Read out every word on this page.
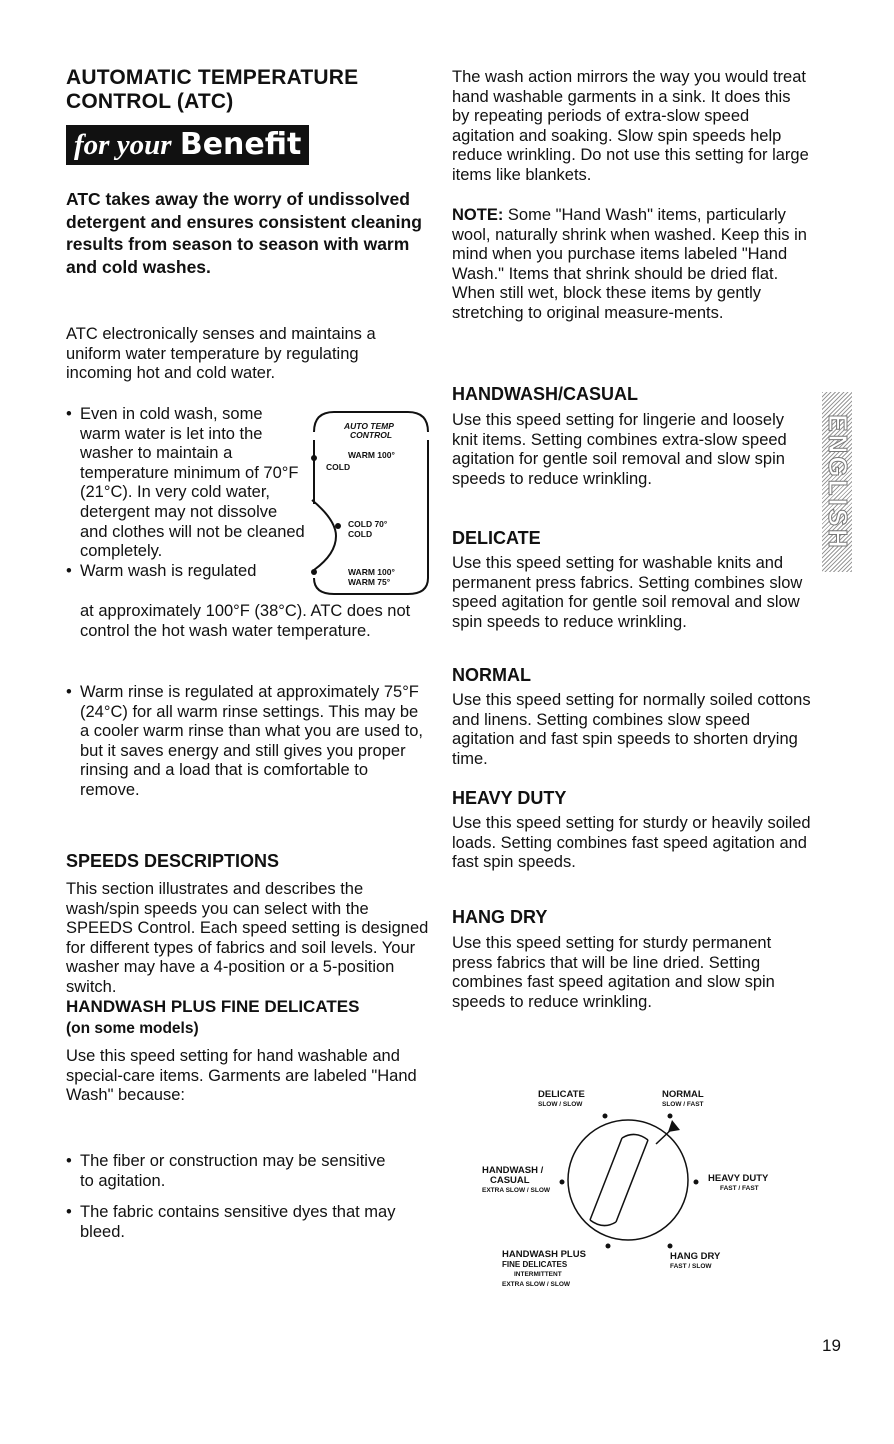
AUTOMATIC TEMPERATURE
CONTROL (ATC)
for your Benefit
ATC takes away the worry of undissolved detergent and ensures consistent cleaning results from season to season with warm and cold washes.
ATC electronically senses and maintains a uniform water temperature by regulating incoming hot and cold water.
• Even in cold wash, some warm water is let into the washer to maintain a temperature minimum of 70°F (21°C). In very cold water, detergent may not dissolve and clothes will not be cleaned completely.
• Warm wash is regulated
at approximately 100°F (38°C). ATC does not control the hot wash water temperature.
• Warm rinse is regulated at approximately 75°F (24°C) for all warm rinse settings. This may be a cooler warm rinse than what you are used to, but it saves energy and still gives you proper rinsing and a load that is comfortable to remove.
AUTO TEMP
CONTROL
WARM 100°
COLD
COLD 70°
COLD
WARM 100°
WARM 75°
SPEEDS DESCRIPTIONS
This section illustrates and describes the wash/spin speeds you can select with the SPEEDS Control. Each speed setting is designed for different types of fabrics and soil levels. Your washer may have a 4-position or a 5-position switch.
HANDWASH PLUS FINE DELICATES
(on some models)
Use this speed setting for hand washable and special-care items. Garments are labeled "Hand Wash" because:
• The fiber or construction may be sensitive to agitation.
• The fabric contains sensitive dyes that may bleed.
The wash action mirrors the way you would treat hand washable garments in a sink. It does this by repeating periods of extra-slow speed agitation and soaking. Slow spin speeds help reduce wrinkling. Do not use this setting for large items like blankets.
NOTE: Some "Hand Wash" items, particularly wool, naturally shrink when washed. Keep this in mind when you purchase items labeled "Hand Wash." Items that shrink should be dried flat. When still wet, block these items by gently stretching to original measure-ments.
HANDWASH/CASUAL
Use this speed setting for lingerie and loosely knit items. Setting combines extra-slow speed agitation for gentle soil removal and slow spin speeds to reduce wrinkling.
DELICATE
Use this speed setting for washable knits and permanent press fabrics. Setting combines slow speed agitation for gentle soil removal and slow spin speeds to reduce wrinkling.
NORMAL
Use this speed setting for normally soiled cottons and linens. Setting combines slow speed agitation and fast spin speeds to shorten drying time.
HEAVY DUTY
Use this speed setting for sturdy or heavily soiled loads. Setting combines fast speed agitation and fast spin speeds.
HANG DRY
Use this speed setting for sturdy permanent press fabrics that will be line dried. Setting combines fast speed agitation and slow spin speeds to reduce wrinkling.
DELICATE
SLOW / SLOW
NORMAL
SLOW / FAST
HANDWASH /
CASUAL
EXTRA SLOW / SLOW
HEAVY DUTY
FAST / FAST
HANDWASH PLUS
FINE DELICATES
INTERMITTENT
EXTRA SLOW / SLOW
HANG DRY
FAST / SLOW
ENGLISH
19
